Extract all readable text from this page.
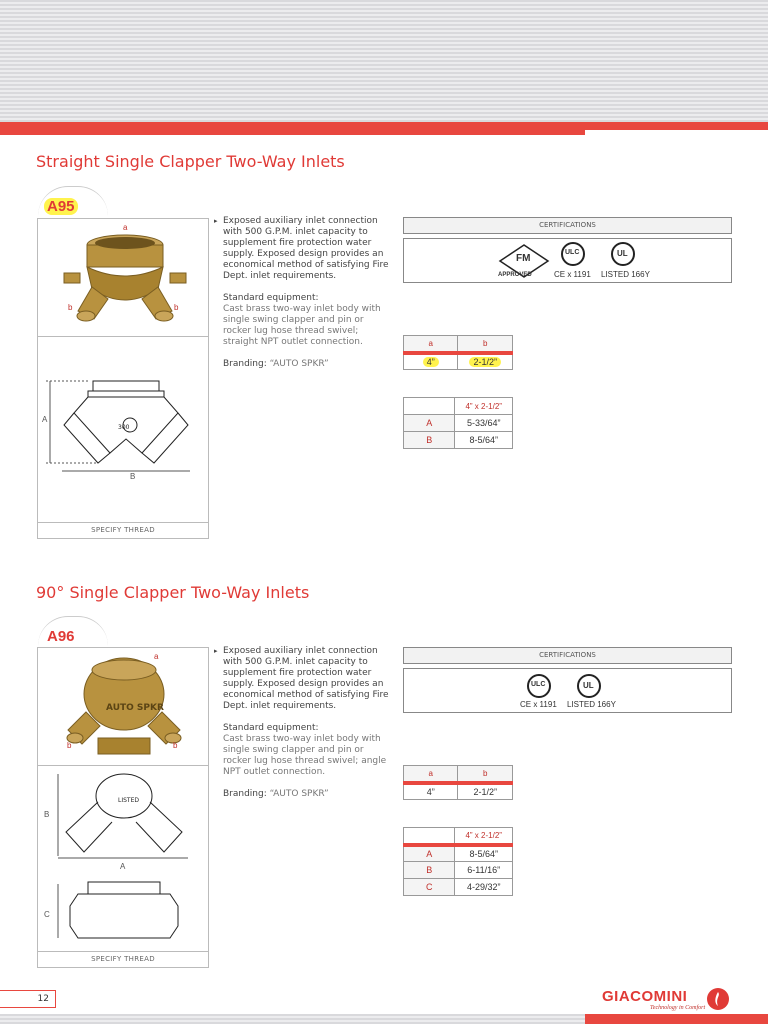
Straight Single Clapper Two-Way Inlets
A95
a
b	b
300
A
B
SPECIFY THREAD
▸ Exposed auxiliary inlet connection with 500 G.P.M. inlet capacity to supplement fire protection water supply. Exposed design provides an economical method of satisfying Fire Dept. inlet requirements.

Standard equipment:

Cast brass two-way inlet body with single swing clapper and pin or rocker lug hose thread swivel; straight NPT outlet connection.

Branding: “AUTO SPKR”

CERTIFICATIONS
FM
APPROVED
ULC	UL
CE x 1191 LISTED 166Y
a	b
4”	2-1/2”
	4” x 2-1/2”
A	5-33/64”
B	8-5/64”
90° Single Clapper Two-Way Inlets
A96
AUTO SPKR
a
b	b
LISTED
B
A
C
SPECIFY THREAD
▸ Exposed auxiliary inlet connection with 500 G.P.M. inlet capacity to supplement fire protection water supply. Exposed design provides an economical method of satisfying Fire Dept. inlet requirements.

Standard equipment:

Cast brass two-way inlet body with single swing clapper and pin or rocker lug hose thread swivel; angle NPT outlet connection.

Branding: “AUTO SPKR”

CERTIFICATIONS
ULC	UL
CE x 1191 LISTED 166Y
a	b
4”	2-1/2”
	4” x 2-1/2”
A	8-5/64”
B	6-11/16”
C	4-29/32”
12	GIACOMINI
Technology in Comfort
